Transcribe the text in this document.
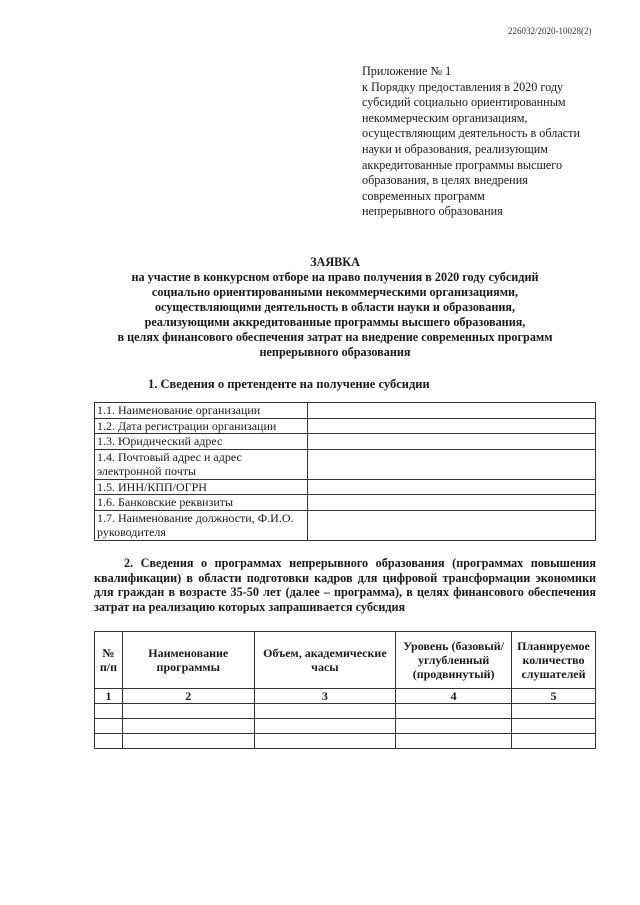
226032/2020-10028(2)
Приложение № 1
к Порядку предоставления в 2020 году
субсидий социально ориентированным
некоммерческим организациям,
осуществляющим деятельность в области
науки и образования, реализующим
аккредитованные программы высшего
образования, в целях внедрения
современных программ
непрерывного образования
ЗАЯВКА
на участие в конкурсном отборе на право получения в 2020 году субсидий
социально ориентированными некоммерческими организациями,
осуществляющими деятельность в области науки и образования,
реализующими аккредитованные программы высшего образования,
в целях финансового обеспечения затрат на внедрение современных программ
непрерывного образования
1. Сведения о претенденте на получение субсидии
1.1. Наименование организации	
1.2. Дата регистрации организации	
1.3. Юридический адрес	
1.4. Почтовый адрес и адрес электронной почты	
1.5. ИНН/КПП/ОГРН	
1.6. Банковские реквизиты	
1.7. Наименование должности, Ф.И.О. руководителя	
2. Сведения о программах непрерывного образования (программах повышения квалификации) в области подготовки кадров для цифровой трансформации экономики для граждан в возрасте 35-50 лет (далее – программа), в целях финансового обеспечения затрат на реализацию которых запрашивается субсидия
№ п/п	Наименование программы	Объем, академические часы	Уровень (базовый/ углубленный (продвинутый)	Планируемое количество слушателей
1	2	3	4	5
